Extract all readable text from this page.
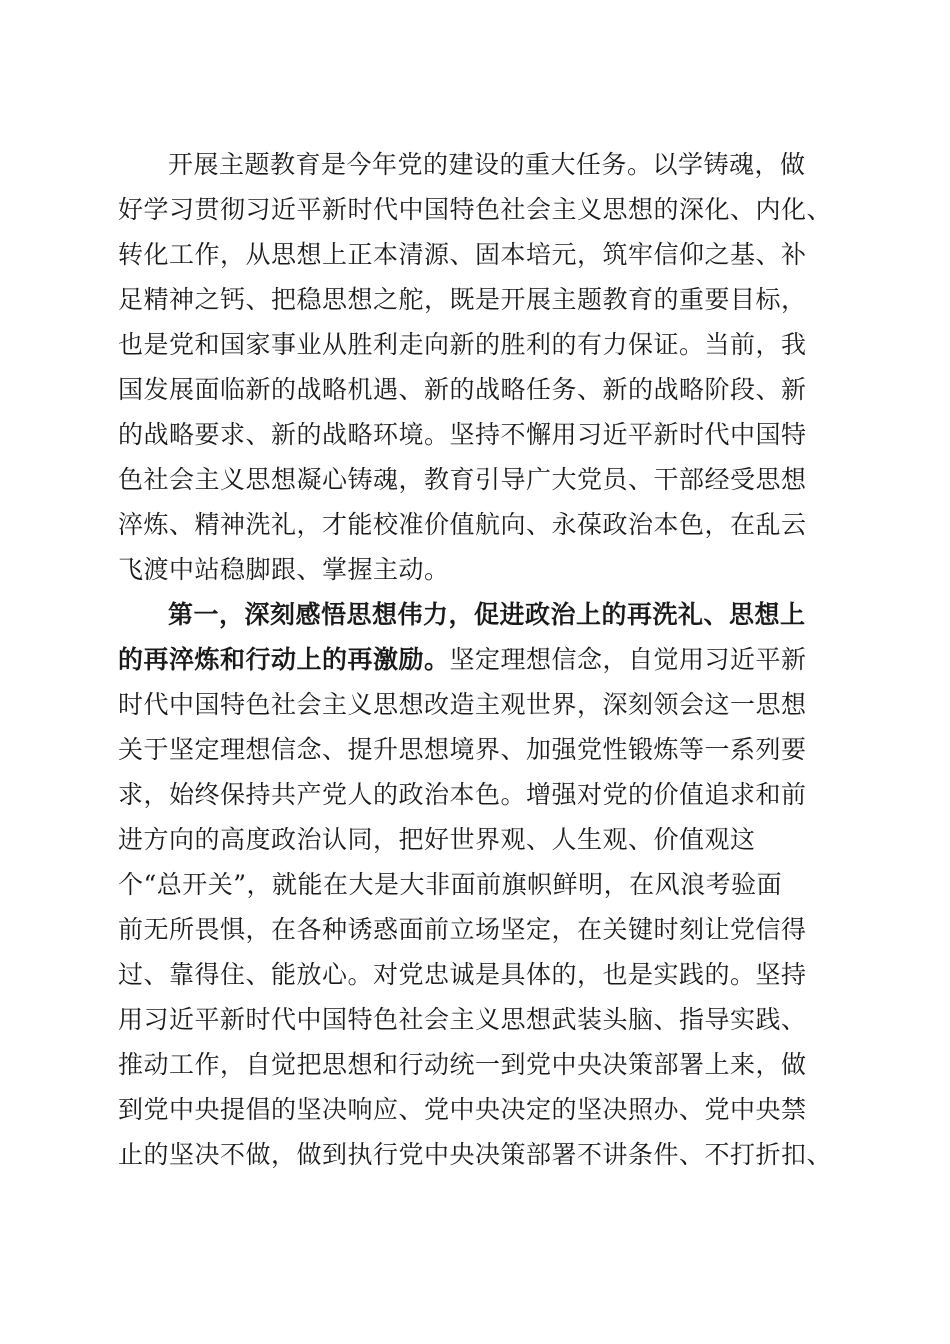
开展主题教育是今年党的建设的重大任务。以学铸魂，做
好学习贯彻习近平新时代中国特色社会主义思想的深化、内化、
转化工作，从思想上正本清源、固本培元，筑牢信仰之基、补
足精神之钙、把稳思想之舵，既是开展主题教育的重要目标，
也是党和国家事业从胜利走向新的胜利的有力保证。当前，我
国发展面临新的战略机遇、新的战略任务、新的战略阶段、新
的战略要求、新的战略环境。坚持不懈用习近平新时代中国特
色社会主义思想凝心铸魂，教育引导广大党员、干部经受思想
淬炼、精神洗礼，才能校准价值航向、永葆政治本色，在乱云
飞渡中站稳脚跟、掌握主动。
第一，深刻感悟思想伟力，促进政治上的再洗礼、思想上
的再淬炼和行动上的再激励。坚定理想信念，自觉用习近平新
时代中国特色社会主义思想改造主观世界，深刻领会这一思想
关于坚定理想信念、提升思想境界、加强党性锻炼等一系列要
求，始终保持共产党人的政治本色。增强对党的价值追求和前
进方向的高度政治认同，把好世界观、人生观、价值观这
个“总开关”，就能在大是大非面前旗帜鲜明，在风浪考验面
前无所畏惧，在各种诱惑面前立场坚定，在关键时刻让党信得
过、靠得住、能放心。对党忠诚是具体的，也是实践的。坚持
用习近平新时代中国特色社会主义思想武装头脑、指导实践、
推动工作，自觉把思想和行动统一到党中央决策部署上来，做
到党中央提倡的坚决响应、党中央决定的坚决照办、党中央禁
止的坚决不做，做到执行党中央决策部署不讲条件、不打折扣、
